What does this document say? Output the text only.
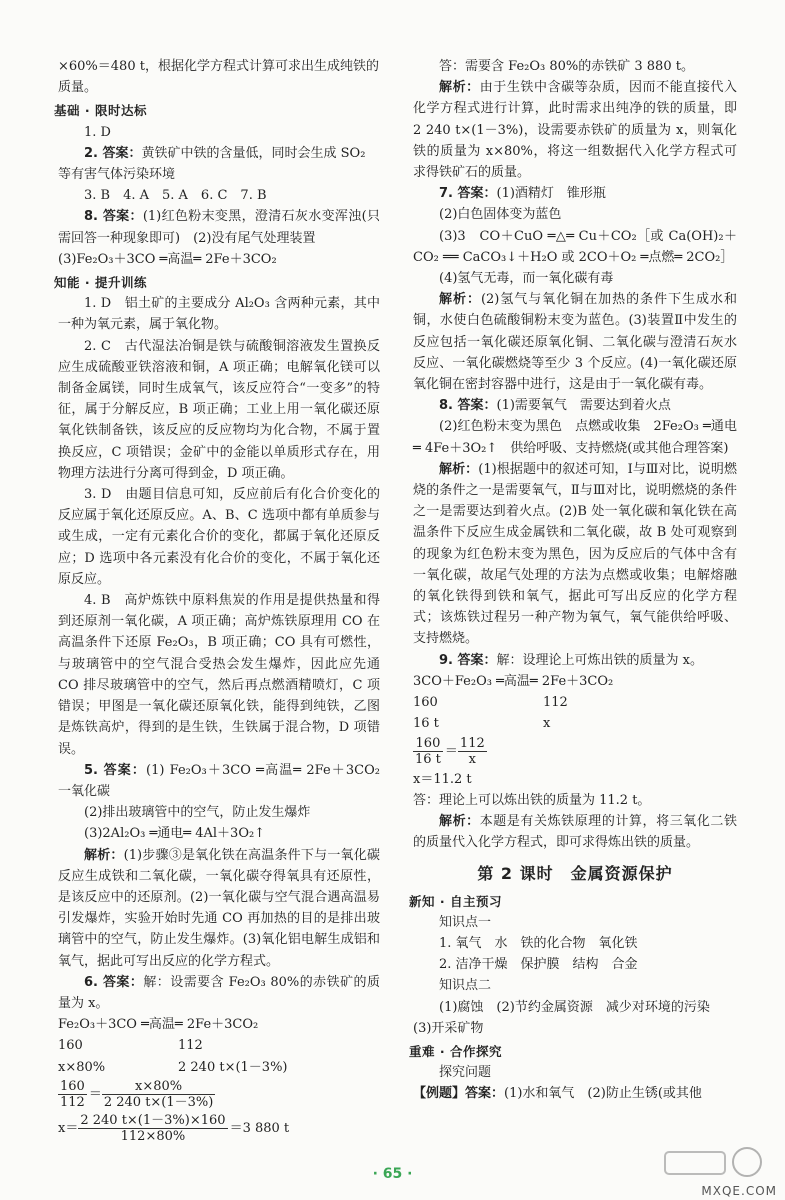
×60%＝480 t，根据化学方程式计算可求出生成纯铁的

质量。

基础 · 限时达标

1. D

2. 答案：黄铁矿中铁的含量低，同时会生成 SO₂

等有害气体污染环境

3. B　4. A　5. A　6. C　7. B

8. 答案：(1)红色粉末变黑，澄清石灰水变浑浊(只需回答一种现象即可)　(2)没有尾气处理装置

(3)Fe₂O₃＋3CO ═高温═ 2Fe＋3CO₂

知能 · 提升训练

1. D　铝土矿的主要成分 Al₂O₃ 含两种元素，其中一种为氧元素，属于氧化物。

2. C　古代湿法冶铜是铁与硫酸铜溶液发生置换反应生成硫酸亚铁溶液和铜，A 项正确；电解氧化镁可以制备金属镁，同时生成氧气，该反应符合“一变多”的特征，属于分解反应，B 项正确；工业上用一氧化碳还原氧化铁制备铁，该反应的反应物均为化合物，不属于置换反应，C 项错误；金矿中的金能以单质形式存在，用物理方法进行分离可得到金，D 项正确。

3. D　由题目信息可知，反应前后有化合价变化的反应属于氧化还原反应。A、B、C 选项中都有单质参与或生成，一定有元素化合价的变化，都属于氧化还原反应；D 选项中各元素没有化合价的变化，不属于氧化还原反应。

4. B　高炉炼铁中原料焦炭的作用是提供热量和得到还原剂一氧化碳，A 项正确；高炉炼铁原理用 CO 在高温条件下还原 Fe₂O₃，B 项正确；CO 具有可燃性，与玻璃管中的空气混合受热会发生爆炸，因此应先通 CO 排尽玻璃管中的空气，然后再点燃酒精喷灯，C 项错误；甲图是一氧化碳还原氧化铁，能得到纯铁，乙图是炼铁高炉，得到的是生铁，生铁属于混合物，D 项错误。

5. 答案：(1) Fe₂O₃＋3CO ═高温═ 2Fe＋3CO₂　一氧化碳

(2)排出玻璃管中的空气，防止发生爆炸

(3)2Al₂O₃ ═通电═ 4Al＋3O₂↑

解析：(1)步骤③是氧化铁在高温条件下与一氧化碳反应生成铁和二氧化碳，一氧化碳夺得氧具有还原性，是该反应中的还原剂。(2)一氧化碳与空气混合遇高温易引发爆炸，实验开始时先通 CO 再加热的目的是排出玻璃管中的空气，防止发生爆炸。(3)氧化铝电解生成铝和氧气，据此可写出反应的化学方程式。

6. 答案：解：设需要含 Fe₂O₃ 80%的赤铁矿的质量为 x。

Fe₂O₃＋3CO ═高温═ 2Fe＋3CO₂

160	112

x×80%	2 240 t×(1－3%)

$\frac{160}{112} = \frac{x\times 80\%}{2 240 t\times(1-3\%)}$

$x= \frac{2 240 t\times(1-3\%)\times 160}{112\times 80\%} =3$ 880 t

答：需要含 Fe₂O₃ 80%的赤铁矿 3 880 t。

解析：由于生铁中含碳等杂质，因而不能直接代入化学方程式进行计算，此时需求出纯净的铁的质量，即 2 240 t×(1－3%)，设需要赤铁矿的质量为 x，则氧化铁的质量为 x×80%，将这一组数据代入化学方程式可求得铁矿石的质量。

7. 答案：(1)酒精灯　锥形瓶

(2)白色固体变为蓝色

(3)3　CO＋CuO ═△═ Cu＋CO₂［或 Ca(OH)₂＋CO₂ ══ CaCO₃↓＋H₂O 或 2CO＋O₂ ═点燃═ 2CO₂］

(4)氢气无毒，而一氧化碳有毒

解析：(2)氢气与氧化铜在加热的条件下生成水和铜，水使白色硫酸铜粉末变为蓝色。(3)装置Ⅱ中发生的反应包括一氧化碳还原氧化铜、二氧化碳与澄清石灰水反应、一氧化碳燃烧等至少 3 个反应。(4)一氧化碳还原氧化铜在密封容器中进行，这是由于一氧化碳有毒。

8. 答案：(1)需要氧气　需要达到着火点

(2)红色粉末变为黑色　点燃或收集　2Fe₂O₃ ═通电═ 4Fe＋3O₂↑　供给呼吸、支持燃烧(或其他合理答案)

解析：(1)根据题中的叙述可知，Ⅰ与Ⅲ对比，说明燃烧的条件之一是需要氧气，Ⅱ与Ⅲ对比，说明燃烧的条件之一是需要达到着火点。(2)B 处一氧化碳和氧化铁在高温条件下反应生成金属铁和二氧化碳，故 B 处可观察到的现象为红色粉末变为黑色，因为反应后的气体中含有一氧化碳，故尾气处理的方法为点燃或收集；电解熔融的氧化铁得到铁和氧气，据此可写出反应的化学方程式；该炼铁过程另一种产物为氧气，氧气能供给呼吸、支持燃烧。

9. 答案：解：设理论上可炼出铁的质量为 x。

3CO＋Fe₂O₃ ═高温═ 2Fe＋3CO₂

160	112

16 t	x

$\frac{160}{16 t} = \frac{112}{x}$

x＝11.2 t

答：理论上可以炼出铁的质量为 11.2 t。

解析：本题是有关炼铁原理的计算，将三氧化二铁的质量代入化学方程式，即可求得炼出铁的质量。

第 2 课时　金属资源保护

新知 · 自主预习

知识点一

1. 氧气　水　铁的化合物　氧化铁

2. 洁净干燥　保护膜　结构　合金

知识点二

(1)腐蚀　(2)节约金属资源　减少对环境的污染

(3)开采矿物

重难 · 合作探究

探究问题

【例题】答案：(1)水和氧气　(2)防止生锈(或其他

· 65 ·
MXQE.COM
